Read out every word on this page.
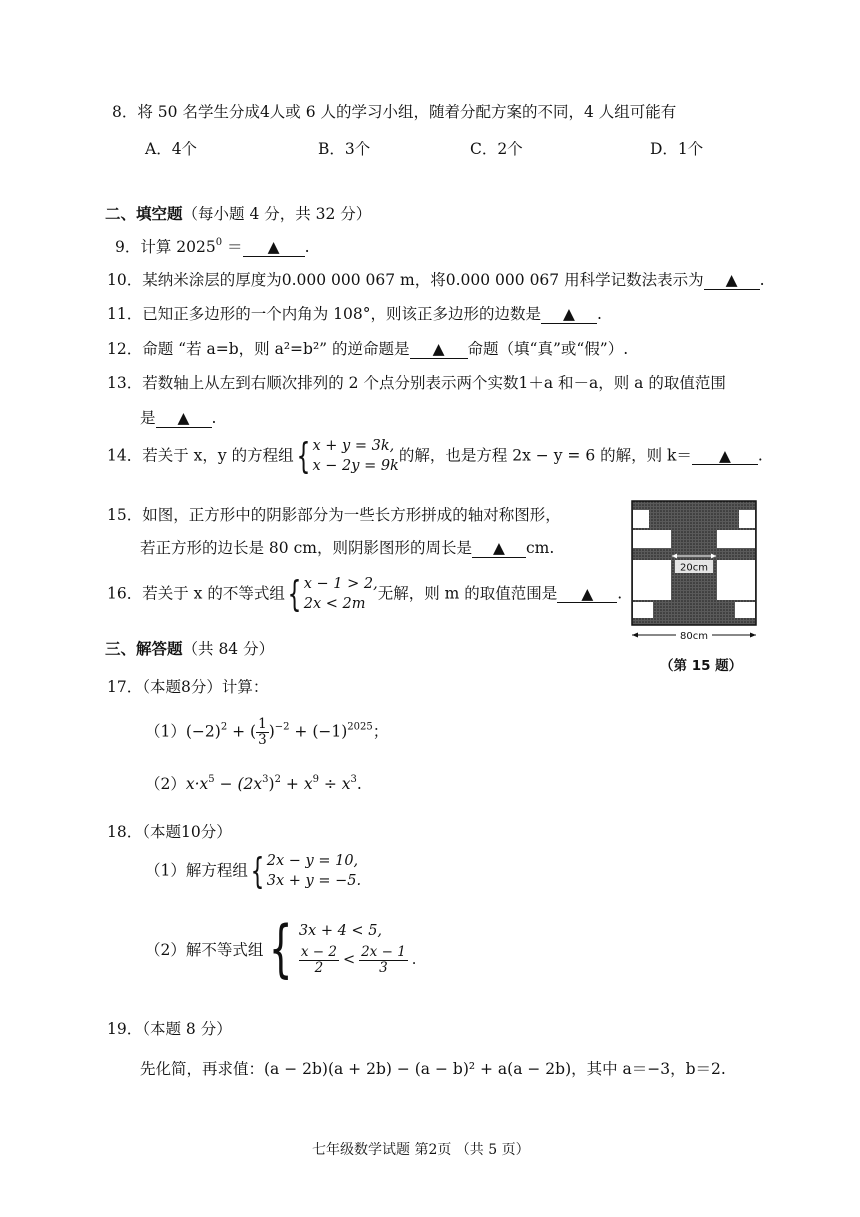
8．将 50 名学生分成4人或 6 人的学习小组，随着分配方案的不同，4 人组可能有
A．4个	B．3个	C．2个	D．1个
二、填空题（每小题 4 分，共 32 分）
9．计算 $2025^0$ ＝ ▲ .
10．某纳米涂层的厚度为0.000 000 067 m，将0.000 000 067 用科学记数法表示为 ▲ .
11．已知正多边形的一个内角为 108°，则该正多边形的边数是 ▲ .
12．命题 “若 a=b，则 a²=b²” 的逆命题是 ▲ 命题（填“真”或“假”）.
13．若数轴上从左到右顺次排列的 2 个点分别表示两个实数1＋a 和－a，则 a 的取值范围
是 ▲ .
14．若关于 x，y 的方程组 { x + y = 3k,
x − 2y = 9k
的解，也是方程 2x − y = 6 的解，则 k＝ ▲ .
15．如图，正方形中的阴影部分为一些长方形拼成的轴对称图形，
若正方形的边长是 80 cm，则阴影图形的周长是 ▲ cm.
16．若关于 x 的不等式组 { x − 1 > 2,
2x < 2m
无解，则 m 的取值范围是 ▲ .
20cm
80cm
（第 15 题）
三、解答题（共 84 分）
17．（本题8分）计算：
$(1)(-2)^2$ + ( $\frac{1}{3} )^{-2} + (-1)^{2025}$；
$(2)x\cdot x^5 - (2x^3)^2 + x^9 \div x^3$.
18．（本题10分）
（1）解方程组 { 2x − y = 10,
3x + y = −5.
（2）解不等式组 { 3x + 4 < 5,
$\frac{x - 2}{2} < \frac{2x - 1}{3}$ .
19．（本题 8 分）
先化简，再求值：(a − 2b)(a + 2b) − (a − b)² + a(a − 2b)，其中 a＝−3，b＝2.
七年级数学试题 第2页 （共 5 页）
